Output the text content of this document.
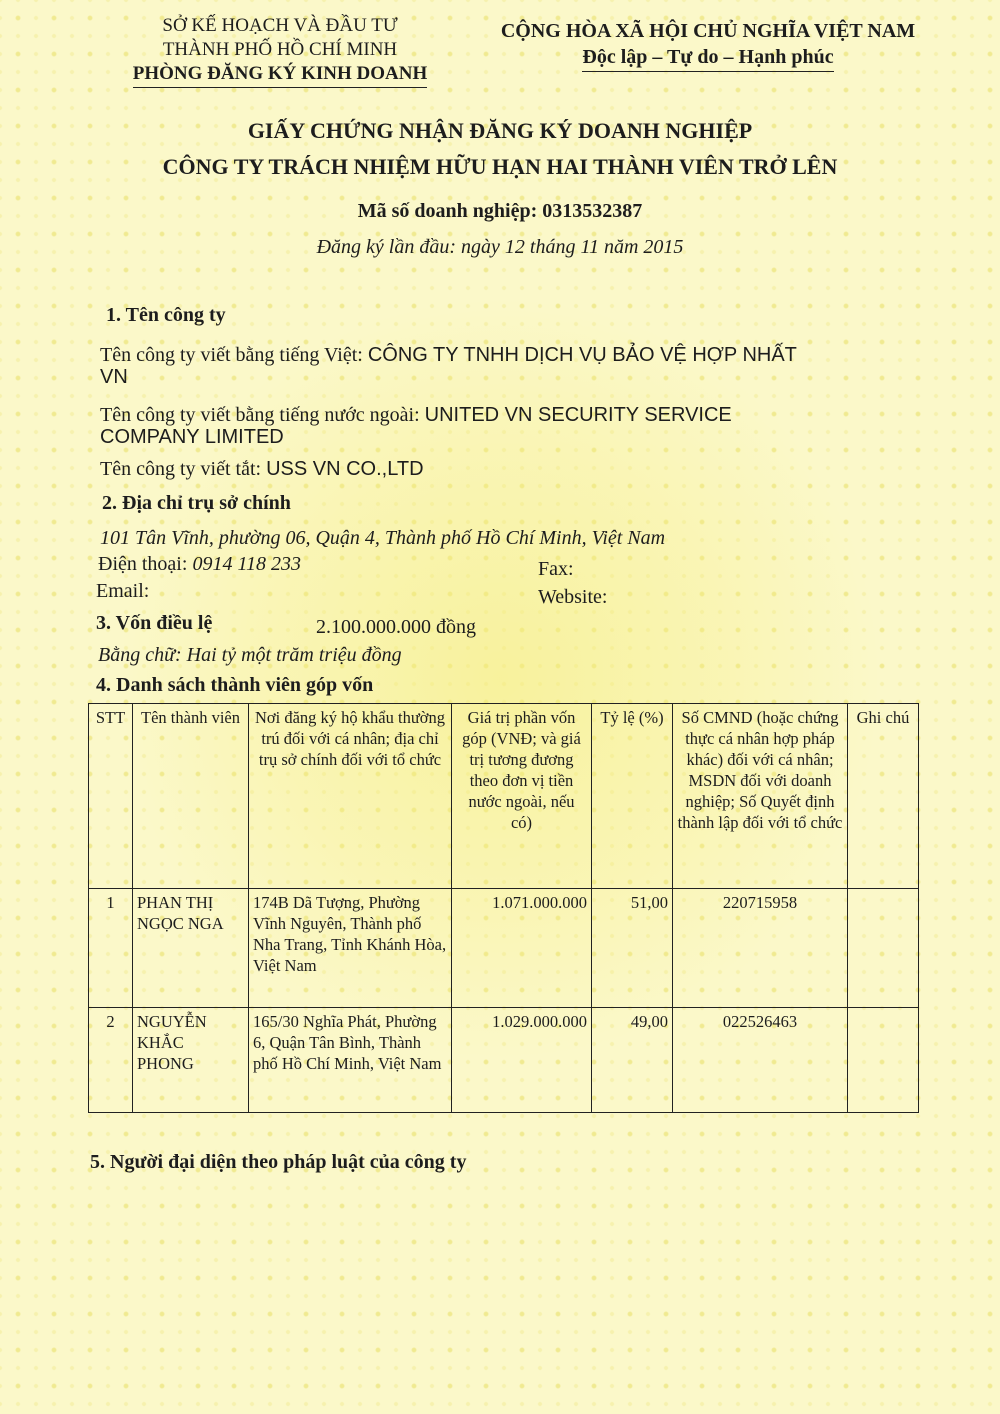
SỞ KẾ HOẠCH VÀ ĐẦU TƯ
THÀNH PHỐ HỒ CHÍ MINH
PHÒNG ĐĂNG KÝ KINH DOANH
CỘNG HÒA XÃ HỘI CHỦ NGHĨA VIỆT NAM
Độc lập – Tự do – Hạnh phúc
GIẤY CHỨNG NHẬN ĐĂNG KÝ DOANH NGHIỆP
CÔNG TY TRÁCH NHIỆM HỮU HẠN HAI THÀNH VIÊN TRỞ LÊN
Mã số doanh nghiệp: 0313532387
Đăng ký lần đầu: ngày 12 tháng 11 năm 2015
1. Tên công ty
Tên công ty viết bằng tiếng Việt: CÔNG TY TNHH DỊCH VỤ BẢO VỆ HỢP NHẤT
VN
Tên công ty viết bằng tiếng nước ngoài: UNITED VN SECURITY SERVICE
COMPANY LIMITED
Tên công ty viết tắt: USS VN CO.,LTD
2. Địa chỉ trụ sở chính
101 Tân Vĩnh, phường 06, Quận 4, Thành phố Hồ Chí Minh, Việt Nam
Điện thoại: 0914 118 233	Fax:
Email:	Website:
3. Vốn điều lệ	2.100.000.000 đồng
Bằng chữ: Hai tỷ một trăm triệu đồng
4. Danh sách thành viên góp vốn
STT	Tên thành viên	Nơi đăng ký hộ khẩu thường trú đối với cá nhân; địa chỉ trụ sở chính đối với tổ chức	Giá trị phần vốn góp (VNĐ; và giá trị tương đương theo đơn vị tiền nước ngoài, nếu có)	Tỷ lệ (%)	Số CMND (hoặc chứng thực cá nhân hợp pháp khác) đối với cá nhân; MSDN đối với doanh nghiệp; Số Quyết định thành lập đối với tổ chức	Ghi chú
1	PHAN THỊ NGỌC NGA	174B Dã Tượng, Phường Vĩnh Nguyên, Thành phố Nha Trang, Tỉnh Khánh Hòa, Việt Nam	1.071.000.000	51,00	220715958	
2	NGUYỄN KHẮC PHONG	165/30 Nghĩa Phát, Phường 6, Quận Tân Bình, Thành phố Hồ Chí Minh, Việt Nam	1.029.000.000	49,00	022526463	
5. Người đại diện theo pháp luật của công ty
